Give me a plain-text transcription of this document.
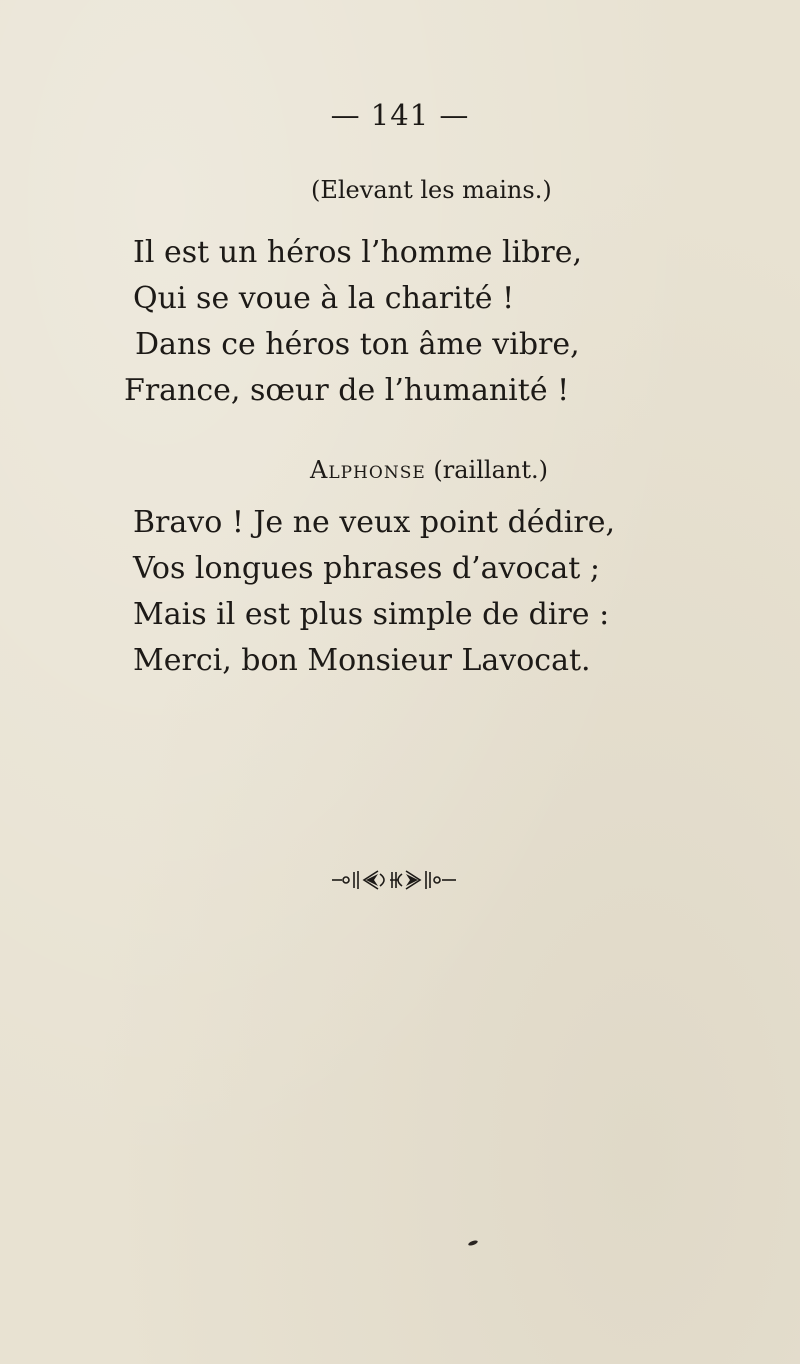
— 141 —
(Elevant les mains.)
Il est un héros l’homme libre,
Qui se voue à la charité !
Dans ce héros ton âme vibre,
France, sœur de l’humanité !
Alphonse (raillant.)
Bravo ! Je ne veux point dédire,
Vos longues phrases d’avocat ;
Mais il est plus simple de dire :
Merci, bon Monsieur Lavocat.
